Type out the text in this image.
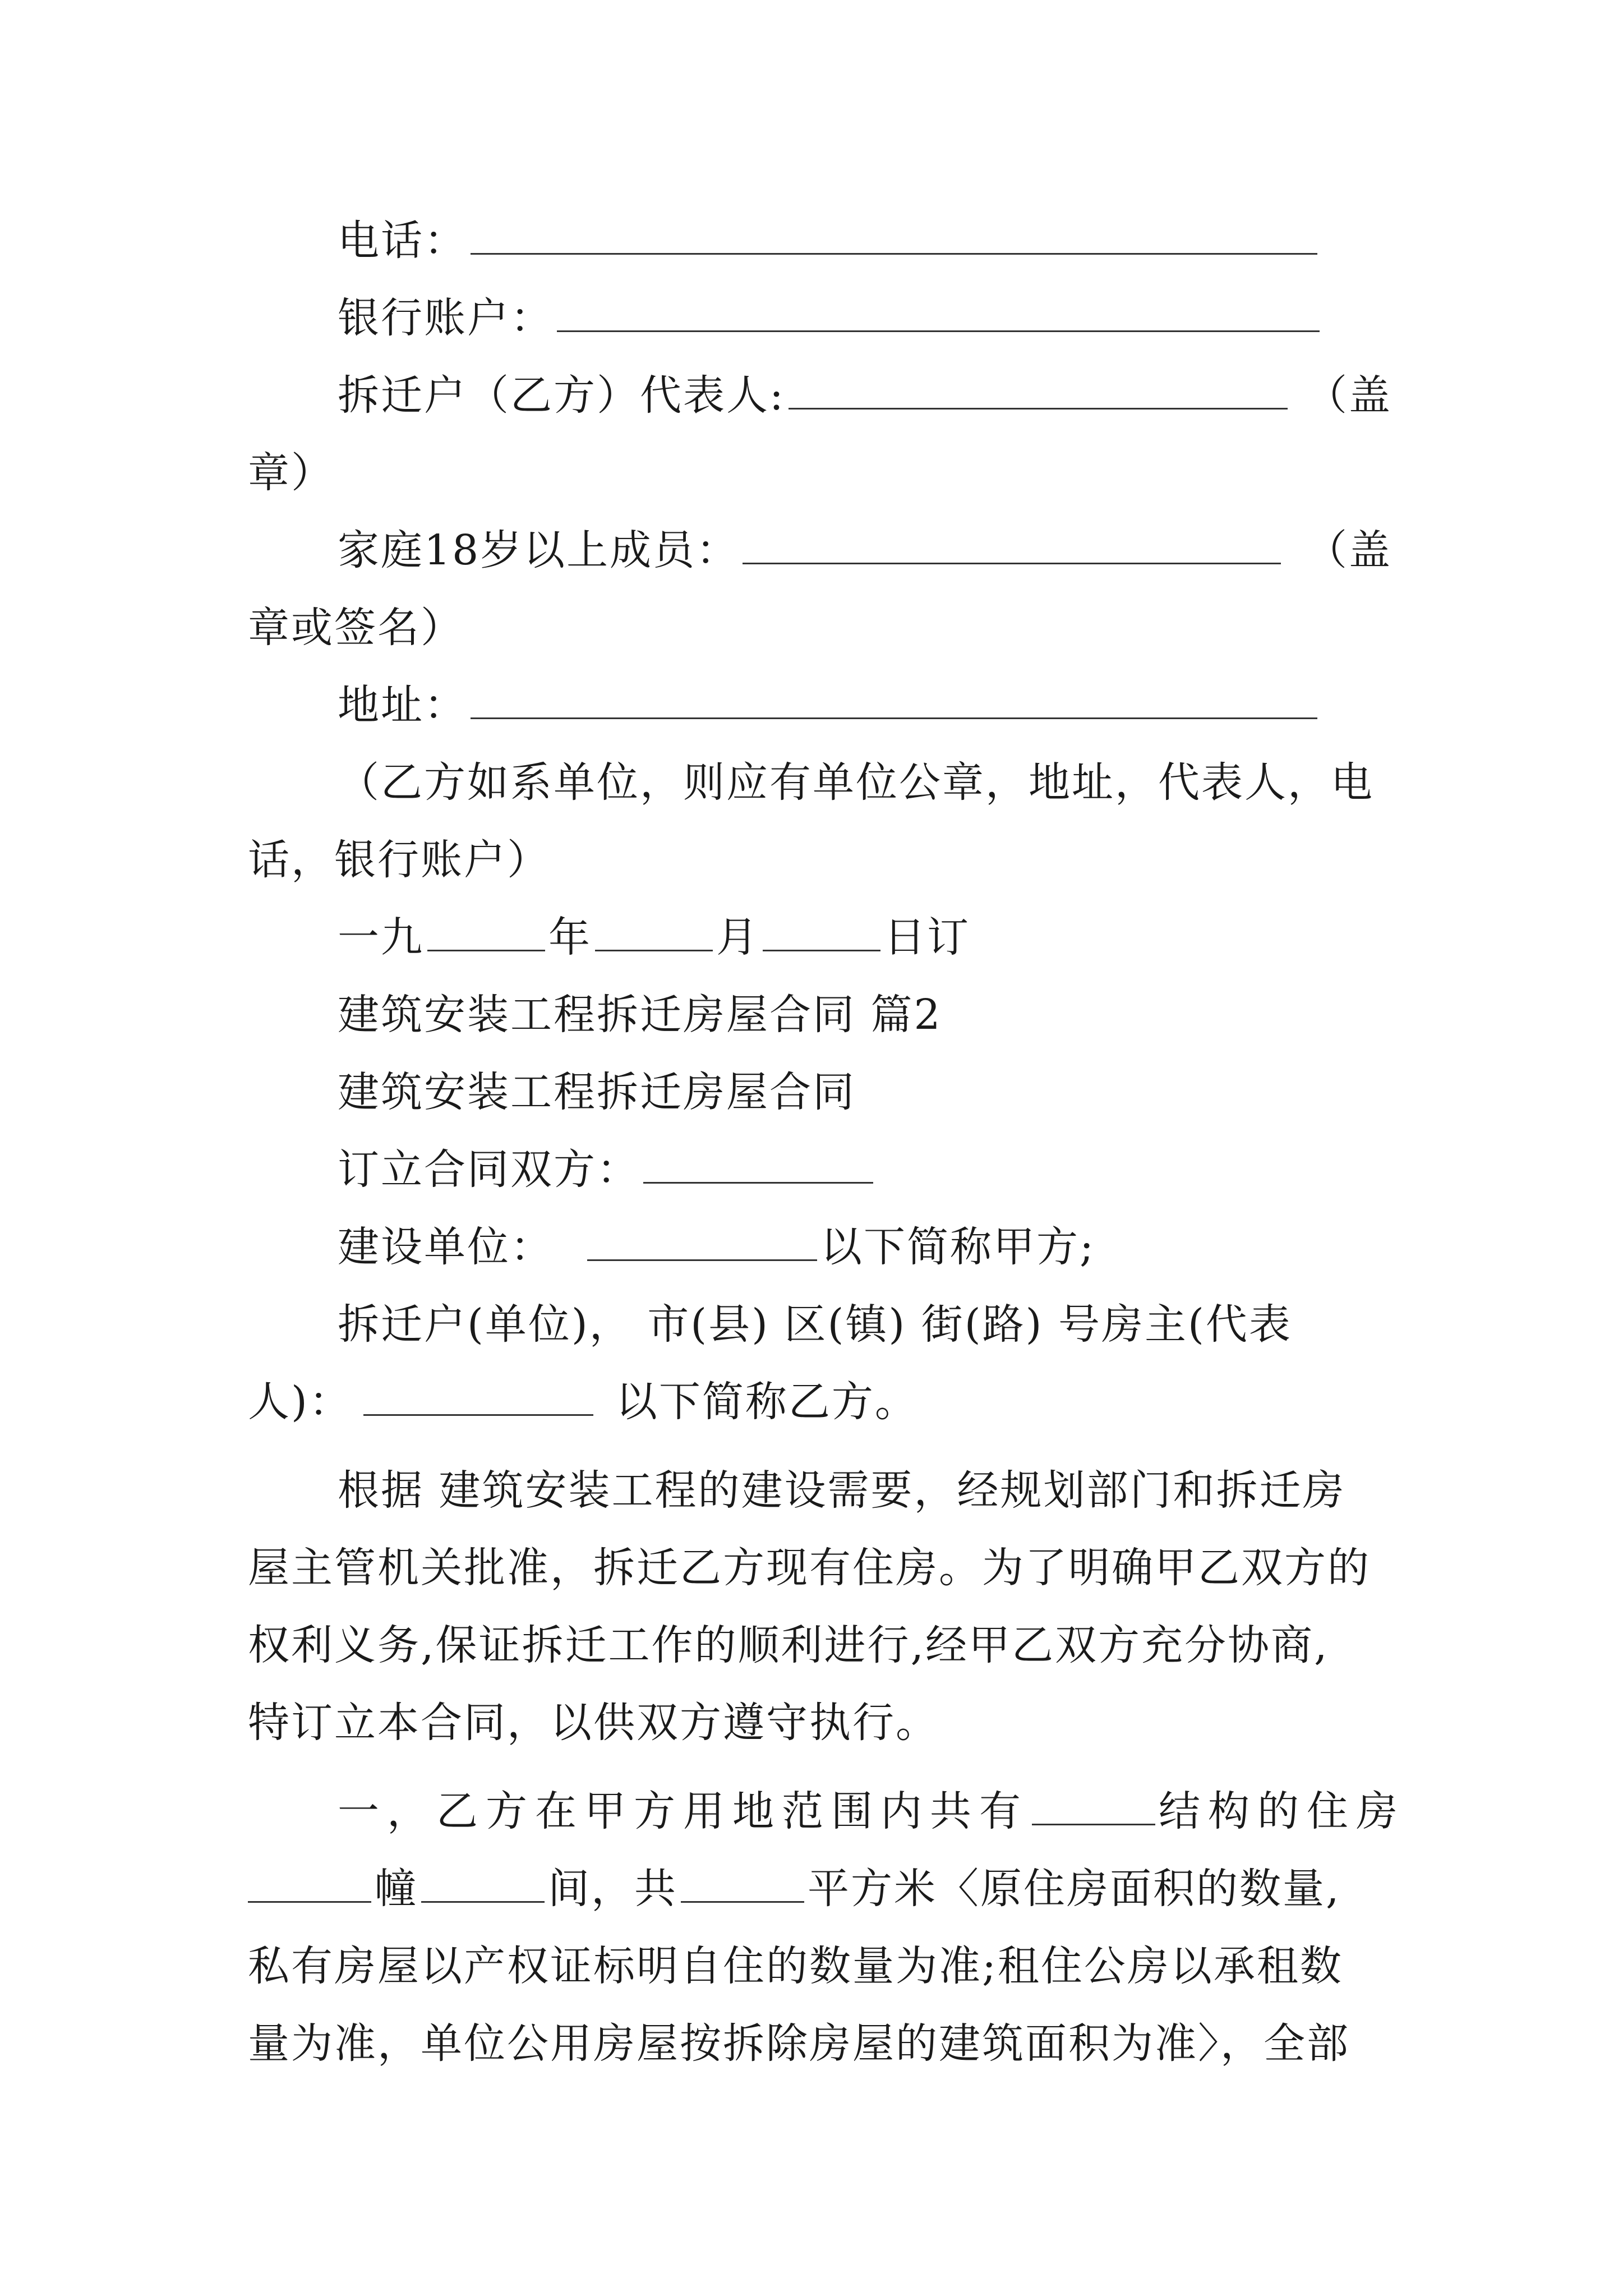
电话：
银行账户：
拆迁户（乙方）代表人:	（盖
章）
家庭18岁以上成员：	（盖
章或签名）
地址：
（乙方如系单位，则应有单位公章，地址，代表人，电
话，银行账户）
一九	年	月	日订
建筑安装工程拆迁房屋合同 篇2
建筑安装工程拆迁房屋合同
订立合同双方：
建设单位：	以下简称甲方;
拆迁户(单位)， 市(县) 区(镇) 街(路) 号房主(代表
人)：	以下简称乙方。
根据 建筑安装工程的建设需要，经规划部门和拆迁房
屋主管机关批准，拆迁乙方现有住房。为了明确甲乙双方的
权利义务,保证拆迁工作的顺利进行,经甲乙双方充分协商,
特订立本合同，以供双方遵守执行。
一，乙方在甲方用地范围内共有	结构的住房
幢	间，共	平方米〈原住房面积的数量,
私有房屋以产权证标明自住的数量为准;租住公房以承租数
量为准，单位公用房屋按拆除房屋的建筑面积为准〉，全部
